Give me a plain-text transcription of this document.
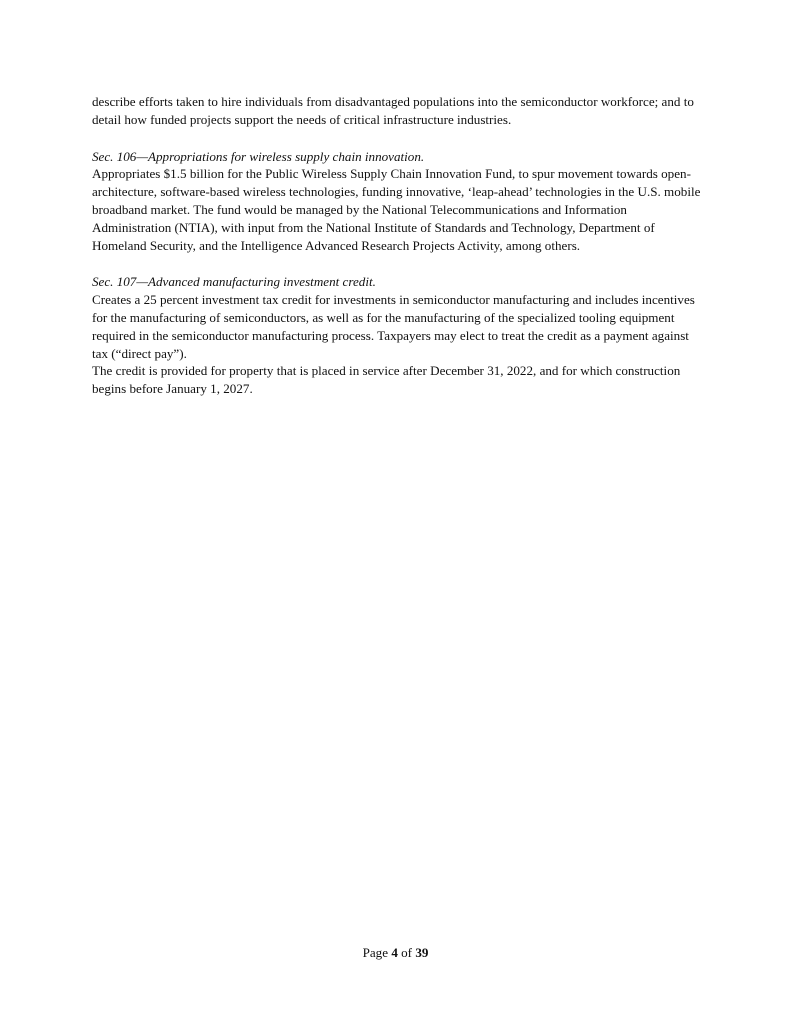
describe efforts taken to hire individuals from disadvantaged populations into the semiconductor workforce; and to detail how funded projects support the needs of critical infrastructure industries.

Sec. 106—Appropriations for wireless supply chain innovation.

Appropriates $1.5 billion for the Public Wireless Supply Chain Innovation Fund, to spur movement towards open-architecture, software-based wireless technologies, funding innovative, ‘leap-ahead’ technologies in the U.S. mobile broadband market. The fund would be managed by the National Telecommunications and Information Administration (NTIA), with input from the National Institute of Standards and Technology, Department of Homeland Security, and the Intelligence Advanced Research Projects Activity, among others.

Sec. 107—Advanced manufacturing investment credit.

Creates a 25 percent investment tax credit for investments in semiconductor manufacturing and includes incentives for the manufacturing of semiconductors, as well as for the manufacturing of the specialized tooling equipment required in the semiconductor manufacturing process. Taxpayers may elect to treat the credit as a payment against tax (“direct pay”).

The credit is provided for property that is placed in service after December 31, 2022, and for which construction begins before January 1, 2027.

Page 4 of 39
